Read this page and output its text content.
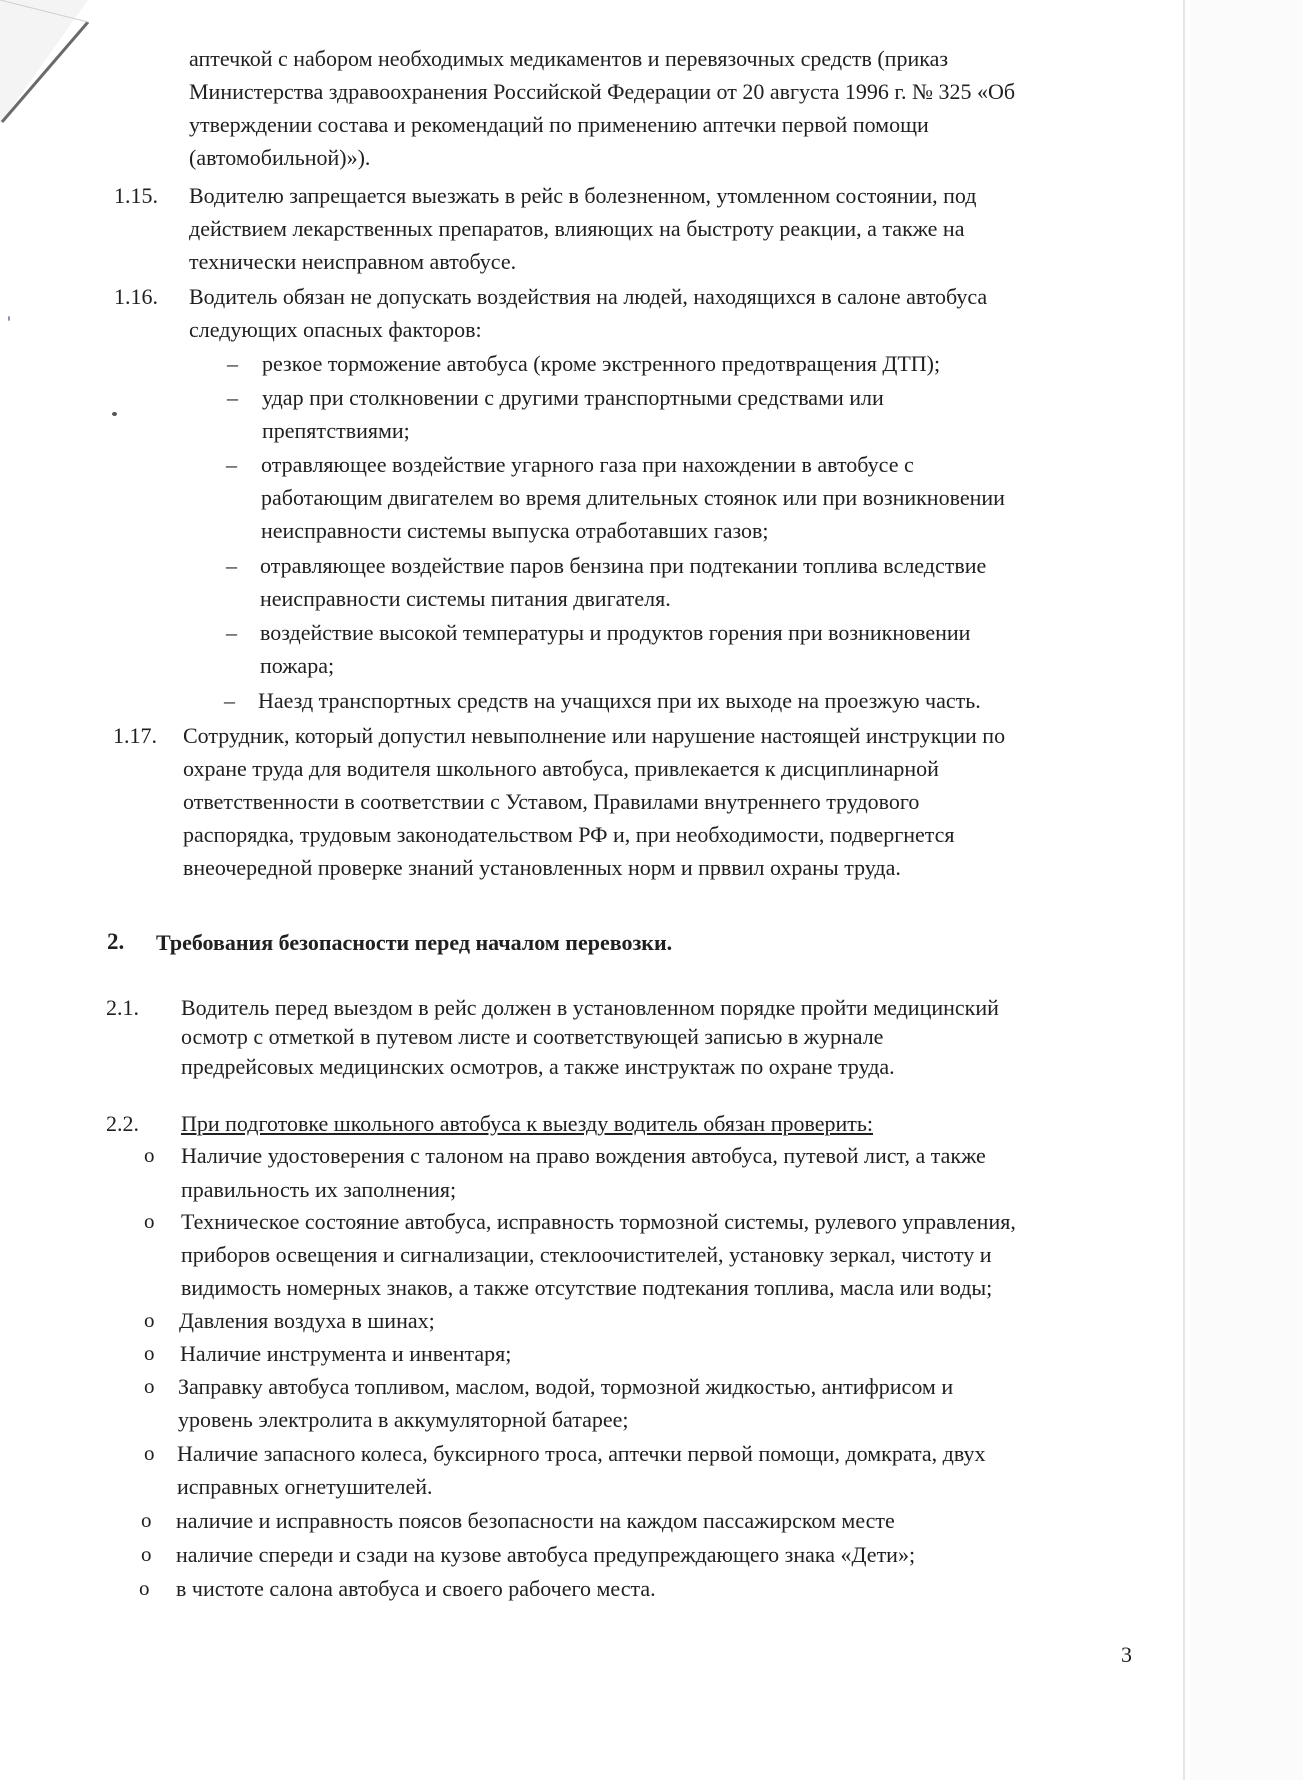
аптечкой с набором необходимых медикаментов и перевязочных средств (приказ
Министерства здравоохранения Российской Федерации от 20 августа 1996 г. № 325 «Об
утверждении состава и рекомендаций по применению аптечки первой помощи
(автомобильной)»).
1.15. Водителю запрещается выезжать в рейс в болезненном, утомленном состоянии, под
действием лекарственных препаратов, влияющих на быстроту реакции, а также на
технически неисправном автобусе.
1.16. Водитель обязан не допускать воздействия на людей, находящихся в салоне автобуса
следующих опасных факторов:
– резкое торможение автобуса (кроме экстренного предотвращения ДТП);
– удар при столкновении с другими транспортными средствами или
препятствиями;
– отравляющее воздействие угарного газа при нахождении в автобусе с
работающим двигателем во время длительных стоянок или при возникновении
неисправности системы выпуска отработавших газов;
– отравляющее воздействие паров бензина при подтекании топлива вследствие
неисправности системы питания двигателя.
– воздействие высокой температуры и продуктов горения при возникновении
пожара;
– Наезд транспортных средств на учащихся при их выходе на проезжую часть.
1.17. Сотрудник, который допустил невыполнение или нарушение настоящей инструкции по
охране труда для водителя школьного автобуса, привлекается к дисциплинарной
ответственности в соответствии с Уставом, Правилами внутреннего трудового
распорядка, трудовым законодательством РФ и, при необходимости, подвергнется
внеочередной проверке знаний установленных норм и прввил охраны труда.
2. Требования безопасности перед началом перевозки.
2.1. Водитель перед выездом в рейс должен в установленном порядке пройти медицинский
осмотр с отметкой в путевом листе и соответствующей записью в журнале
предрейсовых медицинских осмотров, а также инструктаж по охране труда.
2.2. При подготовке школьного автобуса к выезду водитель обязан проверить:
o Наличие удостоверения с талоном на право вождения автобуса, путевой лист, а также
правильность их заполнения;
o Техническое состояние автобуса, исправность тормозной системы, рулевого управления,
приборов освещения и сигнализации, стеклоочистителей, установку зеркал, чистоту и
видимость номерных знаков, а также отсутствие подтекания топлива, масла или воды;
o Давления воздуха в шинах;
o Наличие инструмента и инвентаря;
o Заправку автобуса топливом, маслом, водой, тормозной жидкостью, антифрисом и
уровень электролита в аккумуляторной батарее;
o Наличие запасного колеса, буксирного троса, аптечки первой помощи, домкрата, двух
исправных огнетушителей.
o наличие и исправность поясов безопасности на каждом пассажирском месте
o наличие спереди и сзади на кузове автобуса предупреждающего знака «Дети»;
o в чистоте салона автобуса и своего рабочего места.
3
